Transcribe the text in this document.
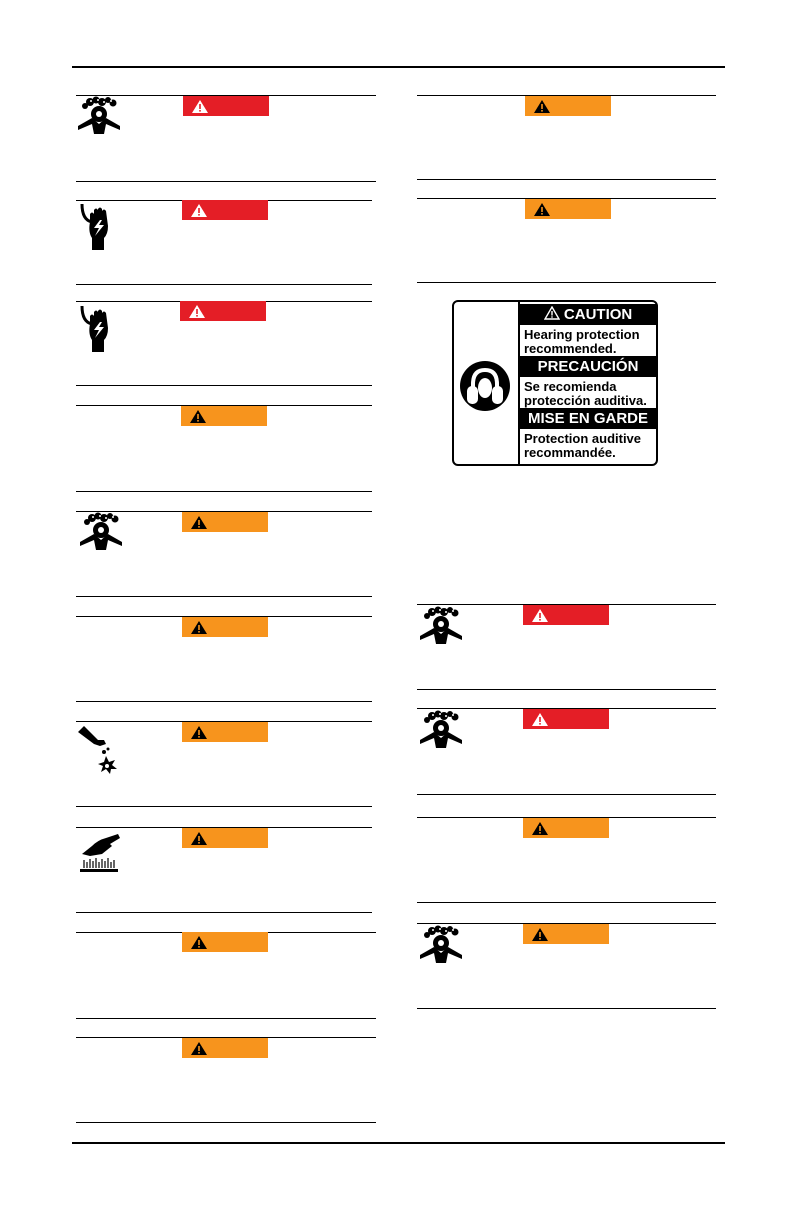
CAUTION
Hearing protection recommended.
PRECAUCIÓN
Se recomienda protección auditiva.
MISE EN GARDE
Protection auditive recommandée.
